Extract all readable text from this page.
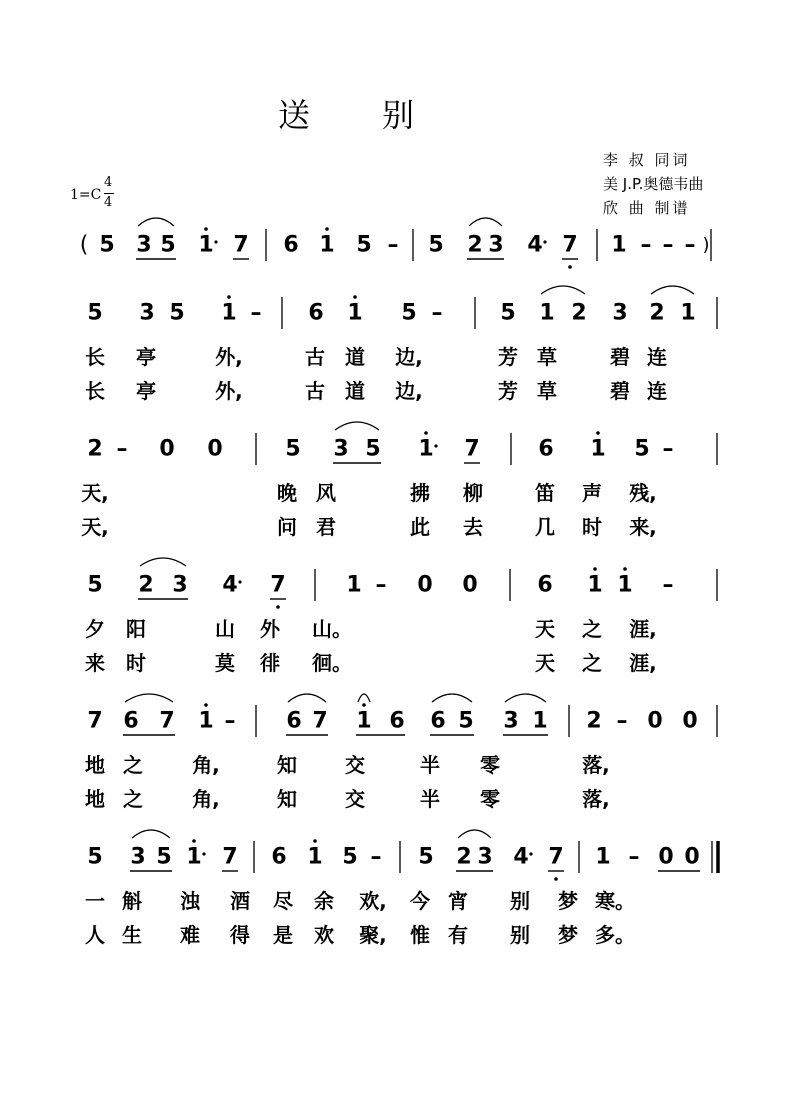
送 别
李 叔 同词
美 J.P.奥德韦曲
欣 曲 制谱
1=C
4
4
(	)
5 3 5 1 7 6 1 5 – 5 2 3 4 7 1 – – –
5 3 5 1 – 6 1 5 –	5 1 2 3 2 1
长 亭	外,	古 道 边,	芳 草	碧 连
长 亭	外,	古 道 边,	芳 草	碧 连
2 – 0 0	5 3 5 1 7	6 1 5 –
天,	晚 风	拂 柳	笛 声 残,
天,	问 君	此 去	几 时 来,
5 2 3 4 7	1 – 0 0	6 1 1 –
夕 阳	山 外 山。	天 之 涯,
来 时	莫 徘 徊。	天 之 涯,
7 6 7 1 – 6 7 1 6 6 5 3 1 2 – 0 0
地 之 角,	知 交	半 零	落,
地 之 角,	知 交	半 零	落,
5 3 5 1 7 6 1 5 – 5 2 3 4 7 1 – 0 0
一 斛 浊 酒 尽 余 欢, 今 宵 别 梦 寒。
人 生 难 得 是 欢 聚, 惟 有 别 梦 多。
